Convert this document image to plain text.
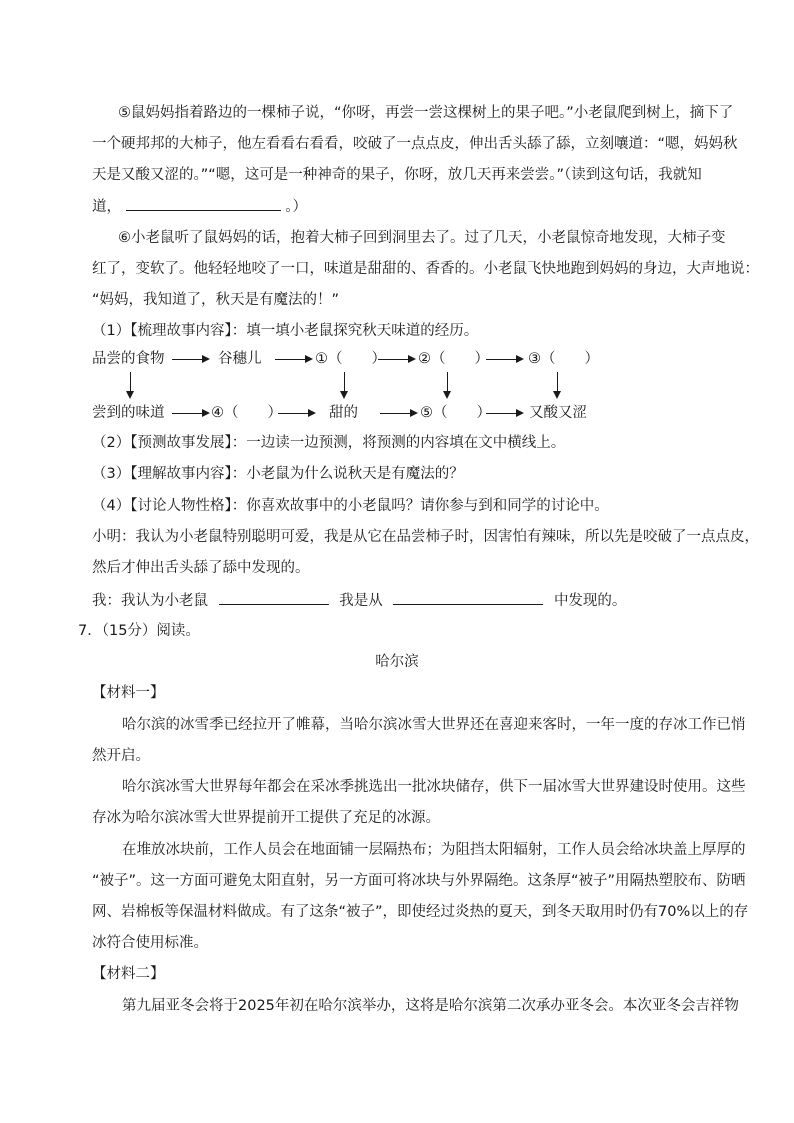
⑤鼠妈妈指着路边的一棵柿子说，“你呀，再尝一尝这棵树上的果子吧。”小老鼠爬到树上，摘下了
一个硬邦邦的大柿子，他左看看右看看，咬破了一点点皮，伸出舌头舔了舔，立刻嚷道：“嗯，妈妈秋
天是又酸又涩的。”“嗯，这可是一种神奇的果子，你呀，放几天再来尝尝。”（读到这句话，我就知
道，	。）
⑥小老鼠听了鼠妈妈的话，抱着大柿子回到洞里去了。过了几天，小老鼠惊奇地发现，大柿子变
红了，变软了。他轻轻地咬了一口，味道是甜甜的、香香的。小老鼠飞快地跑到妈妈的身边，大声地说：
“妈妈，我知道了，秋天是有魔法的！”
（1）【梳理故事内容】：填一填小老鼠探究秋天味道的经历。
品尝的食物	谷穗儿	①（　　） ②（　　）	③（　　）
尝到的味道	④（　　）	甜的	⑤（　　）	又酸又涩
（2）【预测故事发展】：一边读一边预测，将预测的内容填在文中横线上。
（3）【理解故事内容】：小老鼠为什么说秋天是有魔法的？
（4）【讨论人物性格】：你喜欢故事中的小老鼠吗？请你参与到和同学的讨论中。
小明：我认为小老鼠特别聪明可爱，我是从它在品尝柿子时，因害怕有辣味，所以先是咬破了一点点皮，
然后才伸出舌头舔了舔中发现的。
我：我认为小老鼠	我是从	中发现的。
7．（15分）阅读。
哈尔滨
【材料一】
哈尔滨的冰雪季已经拉开了帷幕，当哈尔滨冰雪大世界还在喜迎来客时，一年一度的存冰工作已悄
然开启。
哈尔滨冰雪大世界每年都会在采冰季挑选出一批冰块储存，供下一届冰雪大世界建设时使用。这些
存冰为哈尔滨冰雪大世界提前开工提供了充足的冰源。
在堆放冰块前，工作人员会在地面铺一层隔热布；为阻挡太阳辐射，工作人员会给冰块盖上厚厚的
“被子”。这一方面可避免太阳直射，另一方面可将冰块与外界隔绝。这条厚“被子”用隔热塑胶布、防晒
网、岩棉板等保温材料做成。有了这条“被子”，即使经过炎热的夏天，到冬天取用时仍有70%以上的存
冰符合使用标准。
【材料二】
第九届亚冬会将于2025年初在哈尔滨举办，这将是哈尔滨第二次承办亚冬会。本次亚冬会吉祥物
